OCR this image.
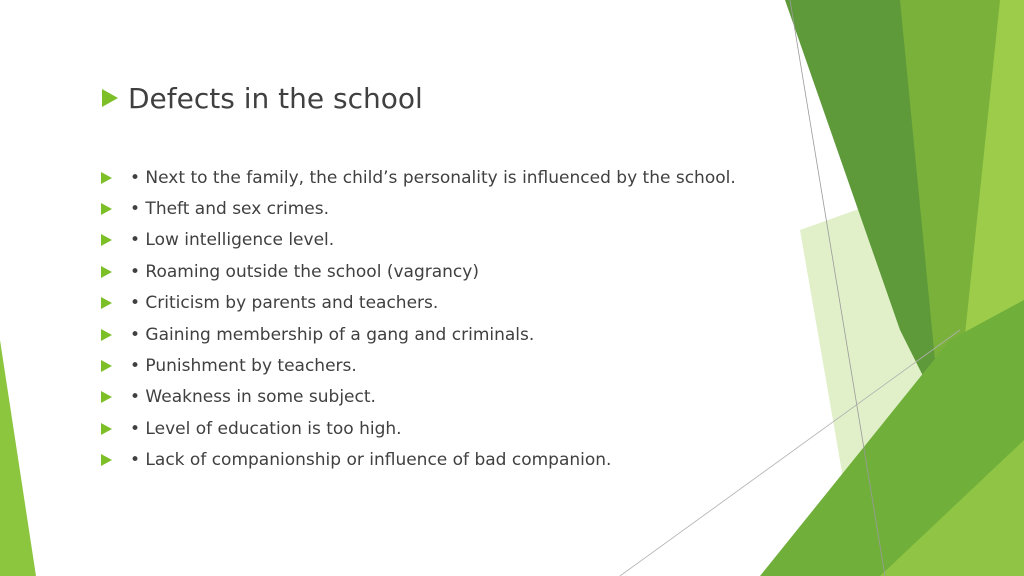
Defects in the school
• Next to the family, the child’s personality is influenced by the school.
• Theft and sex crimes.
• Low intelligence level.
• Roaming outside the school (vagrancy)
• Criticism by parents and teachers.
• Gaining membership of a gang and criminals.
• Punishment by teachers.
• Weakness in some subject.
• Level of education is too high.
• Lack of companionship or influence of bad companion.
